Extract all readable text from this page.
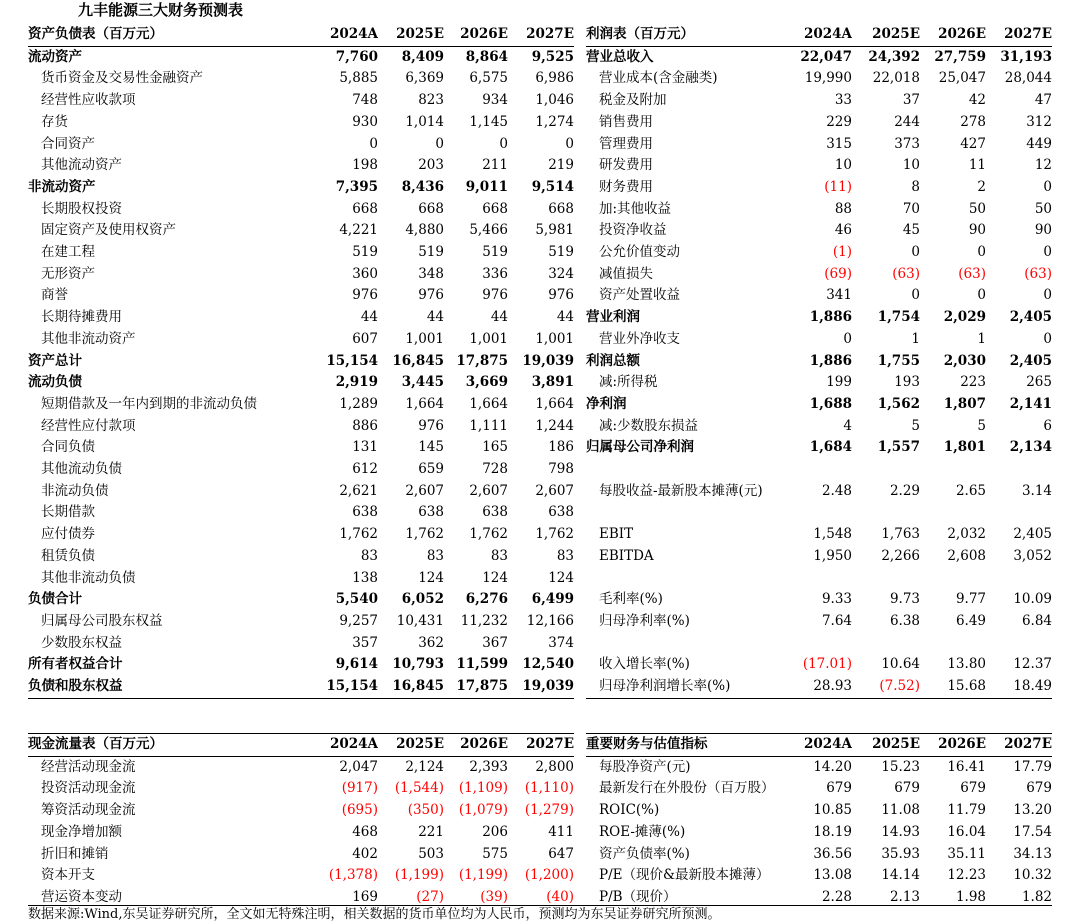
九丰能源三大财务预测表
资产负债表（百万元）	2024A	2025E	2026E	2027E
流动资产	7,760	8,409	8,864	9,525
货币资金及交易性金融资产	5,885	6,369	6,575	6,986
经营性应收款项	748	823	934	1,046
存货	930	1,014	1,145	1,274
合同资产	0	0	0	0
其他流动资产	198	203	211	219
非流动资产	7,395	8,436	9,011	9,514
长期股权投资	668	668	668	668
固定资产及使用权资产	4,221	4,880	5,466	5,981
在建工程	519	519	519	519
无形资产	360	348	336	324
商誉	976	976	976	976
长期待摊费用	44	44	44	44
其他非流动资产	607	1,001	1,001	1,001
资产总计	15,154	16,845	17,875	19,039
流动负债	2,919	3,445	3,669	3,891
短期借款及一年内到期的非流动负债	1,289	1,664	1,664	1,664
经营性应付款项	886	976	1,111	1,244
合同负债	131	145	165	186
其他流动负债	612	659	728	798
非流动负债	2,621	2,607	2,607	2,607
长期借款	638	638	638	638
应付债券	1,762	1,762	1,762	1,762
租赁负债	83	83	83	83
其他非流动负债	138	124	124	124
负债合计	5,540	6,052	6,276	6,499
归属母公司股东权益	9,257	10,431	11,232	12,166
少数股东权益	357	362	367	374
所有者权益合计	9,614	10,793	11,599	12,540
负债和股东权益	15,154	16,845	17,875	19,039
利润表（百万元）	2024A	2025E	2026E	2027E
营业总收入	22,047	24,392	27,759	31,193
营业成本(含金融类)	19,990	22,018	25,047	28,044
税金及附加	33	37	42	47
销售费用	229	244	278	312
管理费用	315	373	427	449
研发费用	10	10	11	12
财务费用	(11)	8	2	0
加:其他收益	88	70	50	50
投资净收益	46	45	90	90
公允价值变动	(1)	0	0	0
减值损失	(69)	(63)	(63)	(63)
资产处置收益	341	0	0	0
营业利润	1,886	1,754	2,029	2,405
营业外净收支	0	1	1	0
利润总额	1,886	1,755	2,030	2,405
减:所得税	199	193	223	265
净利润	1,688	1,562	1,807	2,141
减:少数股东损益	4	5	5	6
归属母公司净利润	1,684	1,557	1,801	2,134

每股收益-最新股本摊薄(元)	2.48	2.29	2.65	3.14

EBIT	1,548	1,763	2,032	2,405
EBITDA	1,950	2,266	2,608	3,052

毛利率(%)	9.33	9.73	9.77	10.09
归母净利率(%)	7.64	6.38	6.49	6.84

收入增长率(%)	(17.01)	10.64	13.80	12.37
归母净利润增长率(%)	28.93	(7.52)	15.68	18.49
现金流量表（百万元）	2024A	2025E	2026E	2027E
经营活动现金流	2,047	2,124	2,393	2,800
投资活动现金流	(917)	(1,544)	(1,109)	(1,110)
筹资活动现金流	(695)	(350)	(1,079)	(1,279)
现金净增加额	468	221	206	411
折旧和摊销	402	503	575	647
资本开支	(1,378)	(1,199)	(1,199)	(1,200)
营运资本变动	169	(27)	(39)	(40)
重要财务与估值指标	2024A	2025E	2026E	2027E
每股净资产(元)	14.20	15.23	16.41	17.79
最新发行在外股份（百万股）	679	679	679	679
ROIC(%)	10.85	11.08	11.79	13.20
ROE-摊薄(%)	18.19	14.93	16.04	17.54
资产负债率(%)	36.56	35.93	35.11	34.13
P/E（现价&最新股本摊薄）	13.08	14.14	12.23	10.32
P/B（现价）	2.28	2.13	1.98	1.82
数据来源:Wind,东吴证券研究所，全文如无特殊注明，相关数据的货币单位均为人民币，预测均为东吴证券研究所预测。
